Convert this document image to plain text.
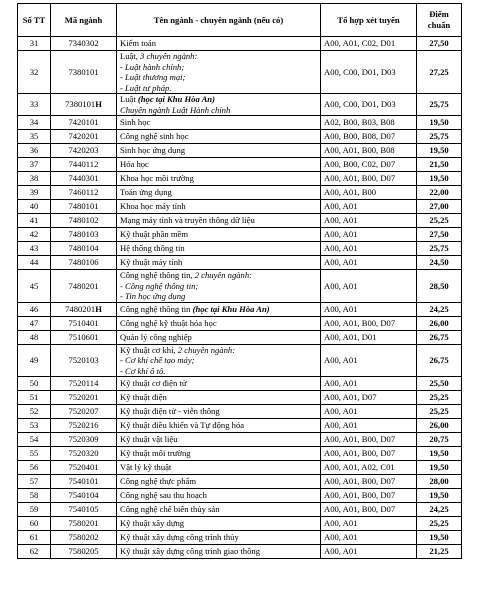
Số TT	Mã ngành	Tên ngành - chuyên ngành (nếu có)	Tổ hợp xét tuyển	Điểm chuẩn
31	7340302	Kiểm toán	A00, A01, C02, D01	27,50
32	7380101	Luật, 3 chuyên ngành:
- Luật hành chính;
- Luật thương mại;
- Luật tư pháp.	A00, C00, D01, D03	27,25
33	7380101H	Luật (học tại Khu Hòa An)
Chuyên ngành Luật Hành chính	A00, C00, D01, D03	25,75
34	7420101	Sinh học	A02, B00, B03, B08	19,50
35	7420201	Công nghệ sinh học	A00, B00, B08, D07	25,75
36	7420203	Sinh học ứng dụng	A00, A01, B00, B08	19,50
37	7440112	Hóa học	A00, B00, C02, D07	21,50
38	7440301	Khoa học môi trường	A00, A01, B00, D07	19,50
39	7460112	Toán ứng dụng	A00, A01, B00	22,00
40	7480101	Khoa học máy tính	A00, A01	27,00
41	7480102	Mạng máy tính và truyền thông dữ liệu	A00, A01	25,25
42	7480103	Kỹ thuật phần mềm	A00, A01	27,50
43	7480104	Hệ thống thông tin	A00, A01	25,75
44	7480106	Kỹ thuật máy tính	A00, A01	24,50
45	7480201	Công nghệ thông tin, 2 chuyên ngành:
- Công nghệ thông tin;
- Tin học ứng dụng	A00, A01	28,50
46	7480201H	Công nghệ thông tin (học tại Khu Hòa An)	A00, A01	24,25
47	7510401	Công nghệ kỹ thuật hóa học	A00, A01, B00, D07	26,00
48	7510601	Quản lý công nghiệp	A00, A01, D01	26,75
49	7520103	Kỹ thuật cơ khí, 2 chuyên ngành:
- Cơ khí chế tạo máy;
- Cơ khí ô tô.	A00, A01	26,75
50	7520114	Kỹ thuật cơ điện tử	A00, A01	25,50
51	7520201	Kỹ thuật điện	A00, A01, D07	25,25
52	7520207	Kỹ thuật điện tử - viễn thông	A00, A01	25,25
53	7520216	Kỹ thuật điều khiển và Tự động hóa	A00, A01	26,00
54	7520309	Kỹ thuật vật liệu	A00, A01, B00, D07	20,75
55	7520320	Kỹ thuật môi trường	A00, A01, B00, D07	19,50
56	7520401	Vật lý kỹ thuật	A00, A01, A02, C01	19,50
57	7540101	Công nghệ thực phẩm	A00, A01, B00, D07	28,00
58	7540104	Công nghệ sau thu hoạch	A00, A01, B00, D07	19,50
59	7540105	Công nghệ chế biến thủy sản	A00, A01, B00, D07	24,25
60	7580201	Kỹ thuật xây dựng	A00, A01	25,25
61	7580202	Kỹ thuật xây dựng công trình thủy	A00, A01	19,50
62	7580205	Kỹ thuật xây dựng công trình giao thông	A00, A01	21,25
